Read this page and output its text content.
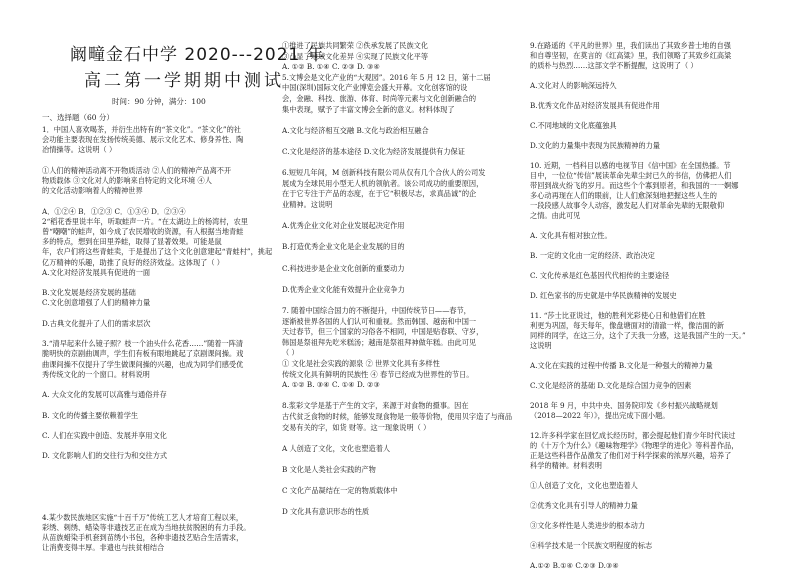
阚疃金石中学 2020---2021 年
高二第一学期期中测试
时间：90 分钟，满分：100
一、选择题（60 分）
1．中国人喜欢喝茶，并衍生出特有的“茶文化”。“茶文化”的社
会功能主要表现在发扬传统美德、展示文化艺术、修身养性、陶
冶情操等。这说明（ ）
①人们的精神活动离不开物质活动 ②人们的精神产品离不开
物质载体 ③文化对人的影响来自特定的文化环境 ④人
的文化活动影响着人的精神世界
A．①②④ B．①②③ C．①③④ D．②③④
2“稻花香里说丰年，听取蛙声一片。“在太湖边上的杨湾村，农里
曾“嘲嘲”的蛙声，如今成了农民增收的资源，有人根据当地青蛙
多的特点，想到在田里养蛙，取得了显著效果。可能是鼠
年，农户们将这些青蛙卖，于是提出了这个文化创意建起“青蛙村”，挑起
亿万精神的乐趣，助推了良好的经济效益。这体现了（ ）
A.文化对经济发展具有促进的一面
B.文化发展是经济发展的基础
C.文化创意增强了人们的精神力量
D.古典文化提升了人们的需求层次
3.“清早起来什么镜子照？枝一个油头什么花香……”随着一阵清
脆明快的京剧曲调声，学生们有板有眼地跳起了京剧课间操。戏
曲课间操不仅提升了学生做课间操的兴趣，也成为同学们感受优
秀传统文化的一个窗口。材料说明
A. 大众文化的发展可以高雅与通俗并存
B. 文化的传播主要依赖着学生
C. 人们在实践中创造、发展并享用文化
D. 文化影响人们的交往行为和交往方式
4.某少数民族地区实施“十百千万”传统工艺人才培育工程以来，
彩绣、剌绣、蜡染等非遗技艺正在成为当地扶贫脱困的有力手段。
从苗族蜡染手机套到苗绣小书包，各种非遗技艺贴合生活需求，
让消费变得丰厚。非遗也与扶贫相结合
①推进了民族共同繁荣 ②佚承发展了民族文化
③凸显了地域文化差异 ④实现了民族文化平等
A. ①② B. ①④ C. ②③ D. ③④
5.文博会是文化产业的“大观园”。2016 年 5 月 12 日，第十二届
中国(深圳)国际文化产业博览会盛大开幕。文化创客馆的设
会，金融、科技、旅游、体育、时尚等元素与文化创新融合的
集中表现，赋予了丰富文博会全新的意义。材料体现了
A.文化与经济相互交融 B.文化与政治相互融合
C.文化是经济的基本途径 D.文化为经济发展提供有力保证
6.短短几年间，M 创新科技有限公司从仅有几个合伙人的公司发
展成为全球民用小型无人机的领航者。该公司成功的重要原因，
在于它专注于产品的态度，在于它“积极尽志，求真品诚”的企
业精神。这说明
A.优秀企业文化对企业发展起决定作用
B.打造优秀企业文化是企业发展的目的
C.科技进步是企业文化创新的重要动力
D.优秀企业文化能有效提升企业竞争力
7. 随着中国综合国力的不断提升，中国传统节日——春节，
逐渐被世界各国的人们认可和重视。然而韩国、越南和中国一
天过春节，但三个国家的习俗各不相同，中国是贴春联、守岁，
韩国是祭祖拜先吃米糕汤；越南是祭祖拜神做年糕。由此可见
（ ）
① 文化是社会实践的源泉 ② 世界文化具有多样性
传统文化具有鲜明的民族性 ④ 春节已经成为世界性的节日。
A. ①② B. ③④ C. ①④ D. ②③
8.浆彩文学是基于产生的文字，来源于对食物的摄事。因在
古代贫乏食物的时候，能够发现食物是一般等价物，使用贝字造了与商品
交易有关的字，如货 财等。这一现象说明（ ）
A 人创造了文化，文化也塑造着人
B 文化是人类社会实践的产物
C 文化产品凝结在一定的物质载体中
D 文化具有意识形态的性质
9.在路遥的《平凡的世界》里，我们读出了其致乡普士地的自强
和自尊坚韧，在莫言的《红高粱》里，我们领略了其致乡红高粱
的质朴与热烈……这部文学不断提醒，这说明了（ ）
A.文化对人的影响深远持久
B.优秀文化作品对经济发展具有促进作用
C.不同地域的文化底蕴独具
D.文化的力量集中表现为民族精神的力量
10. 近期，一档科目以感的电视节目《信中国》在全国热播。节
目中，一位位“传信”展读革命先辈尘封已久的书信，仿佛把人们
带回到战火纷飞的岁月。而这些个个寡到原者，和我国的一一婀娜
多心动再现在人们的眼前，让人们愈深刻地把握这些人生的
一段段感人故事令人动容，激发起人们对革命先辈的无限敬仰
之情。由此可见
A. 文化具有相对独立性。
B. 一定的文化由一定的经济、政治决定
C. 文化传承是红色基因代代相传的主要途径
D. 红色家书的历史就是中华民族精神的发展史
11. “莎士比亚说过，他的胜利光彩使心日和他借们在胜
利更为巩固，每天每年，像盘塘面对的清澈一样，像洁面的新
同样的同学，在这三分，这个了天我一分感，这是我国产生的一天。”
这说明
A.文化在实践的过程中传播 B.文化是一种强大的精神力量
C.文化是经济的基础 D.文化是综合国力竞争的因素
2018 年 9 月，中共中央、国务院印发《乡村振兴战略规划
（2018—2022 年）》，提出完成下面小题。
12.许多科学家在回忆成长经历时，都会提起他们青少年时代读过
的《十万个为什么》《趣味物理学》《物理学的进化》等科普作品，
正是这些科普作品激发了他们对于科学探索的浓厚兴趣，培养了
科学的精神。材料表明
①人创造了文化，文化也塑造着人
②优秀文化具有引导人的精神力量
③文化多样性是人类进步的根本动力
④科学技术是一个民族文明程度的标志
A.①② B.①④ C.②③ D.③④
